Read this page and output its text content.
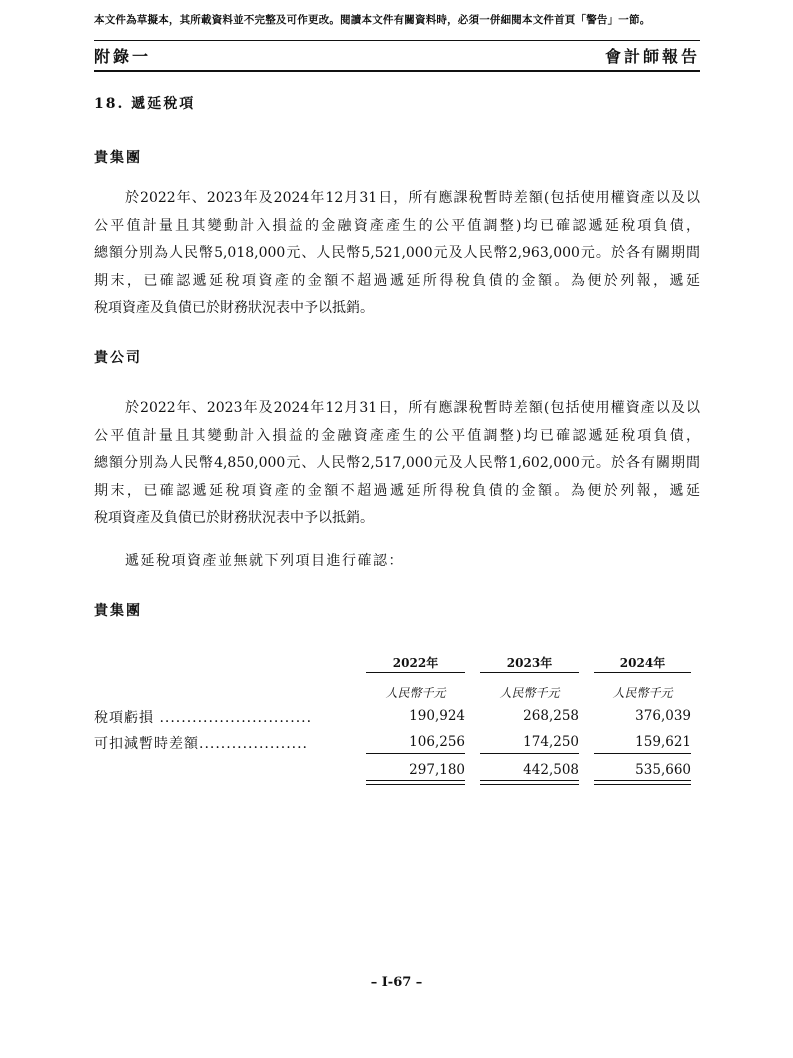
本文件為草擬本，其所載資料並不完整及可作更改。閱讀本文件有關資料時，必須一併細閱本文件首頁「警告」一節。
附錄一	會計師報告
18. 遞延稅項
貴集團

於2022年、2023年及2024年12月31日，所有應課稅暫時差額(包括使用權資產以及以
公平值計量且其變動計入損益的金融資產產生的公平值調整)均已確認遞延稅項負債，
總額分別為人民幣5,018,000元、人民幣5,521,000元及人民幣2,963,000元。於各有關期間
期末，已確認遞延稅項資產的金額不超過遞延所得稅負債的金額。為便於列報，遞延
稅項資產及負債已於財務狀況表中予以抵銷。

貴公司

於2022年、2023年及2024年12月31日，所有應課稅暫時差額(包括使用權資產以及以
公平值計量且其變動計入損益的金融資產產生的公平值調整)均已確認遞延稅項負債，
總額分別為人民幣4,850,000元、人民幣2,517,000元及人民幣1,602,000元。於各有關期間
期末，已確認遞延稅項資產的金額不超過遞延所得稅負債的金額。為便於列報，遞延
稅項資產及負債已於財務狀況表中予以抵銷。

遞延稅項資產並無就下列項目進行確認：
貴集團
2022年	2023年	2024年
人民幣千元	人民幣千元	人民幣千元
稅項虧損 ............................	190,924	268,258	376,039
可扣減暫時差額....................	106,256	174,250	159,621
297,180	442,508	535,660
– I-67 –
